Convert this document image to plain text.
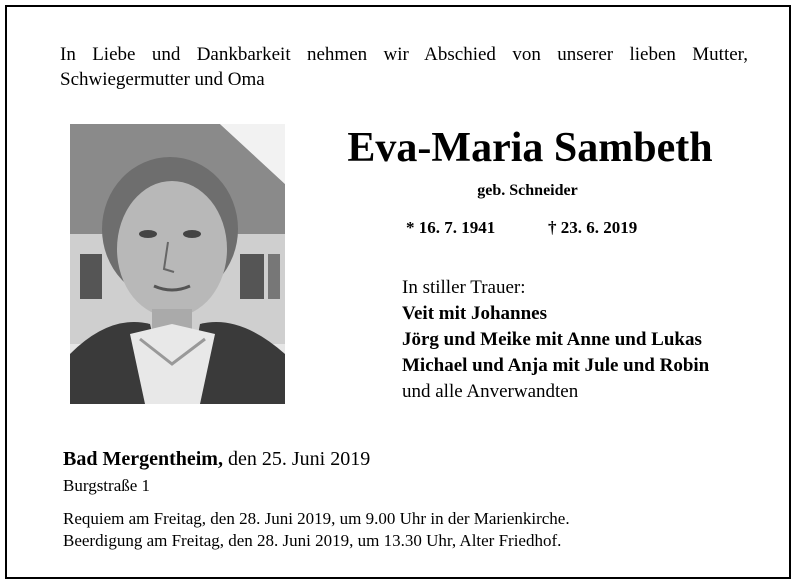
In Liebe und Dankbarkeit nehmen wir Abschied von unserer lieben Mutter,
Schwiegermutter und Oma
Eva-Maria Sambeth
geb. Schneider
* 16. 7. 1941	† 23. 6. 2019
In stiller Trauer:
Veit mit Johannes
Jörg und Meike mit Anne und Lukas
Michael und Anja mit Jule und Robin
und alle Anverwandten
Bad Mergentheim, den 25. Juni 2019
Burgstraße 1
Requiem am Freitag, den 28. Juni 2019, um 9.00 Uhr in der Marienkirche.
Beerdigung am Freitag, den 28. Juni 2019, um 13.30 Uhr, Alter Friedhof.
